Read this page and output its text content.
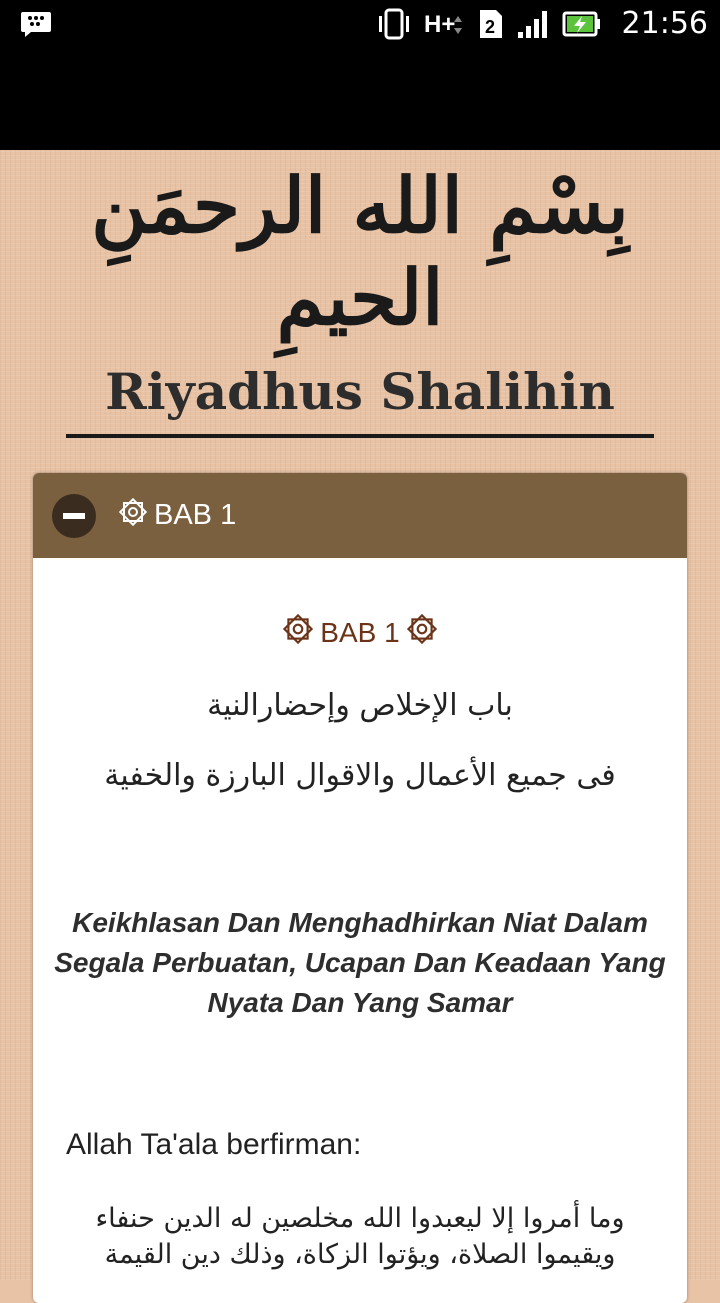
H+ 2	21:56
بِسْمِ الله الرحمَنِ الحيمِ
Riyadhus Shalihin
BAB 1
BAB 1
باب الإخلاص وإحضارالنية
فى جميع الأعمال والاقوال البارزة والخفية
Keikhlasan Dan Menghadhirkan Niat Dalam Segala Perbuatan, Ucapan Dan Keadaan Yang Nyata Dan Yang Samar
Allah Ta'ala berfirman:
وما أمروا إلا ليعبدوا الله مخلصين له الدين حنفاء ويقيموا الصلاة، ويؤتوا الزكاة، وذلك دين القيمة
